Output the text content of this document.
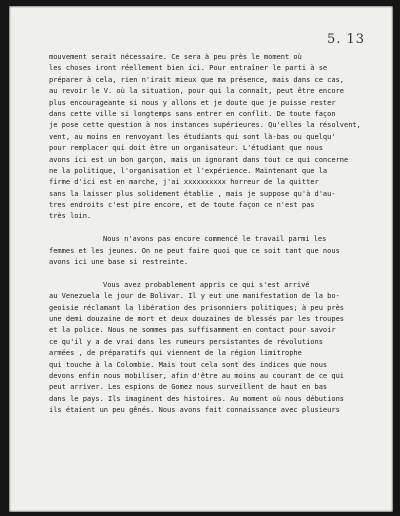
5. 13
mouvement serait nécessaire. Ce sera à peu près le moment où
les choses iront réellement bien ici. Pour entraîner le parti à se
préparer à cela, rien n'irait mieux que ma présence, mais dans ce cas,
au revoir le V. où la situation, pour qui la connaît, peut être encore
plus encourageante si nous y allons et je doute que je puisse rester
dans cette ville si longtemps sans entrer en conflit. De toute façon
je pose cette question à nos instances supérieures. Qu'elles la résolvent,
vent, au moins en renvoyant les étudiants qui sont là-bas ou quelqu'
pour remplacer qui doit être un organisateur. L'étudiant que nous
avons ici est un bon garçon, mais un ignorant dans tout ce qui concerne
ne la politique, l'organisation et l'expérience. Maintenant que la
firme d'ici est en marche, j'ai xxxxxxxxxx horreur de la quitter
sans la laisser plus solidement établie , mais je suppose qu'à d'au-
tres endroits c'est pire encore, et de toute façon ce n'est pas
très loin.
Nous n'avons pas encore commencé le travail parmi les
femmes et les jeunes. On ne peut faire quoi que ce soit tant que nous
avons ici une base si restreinte.
Vous avez probablement appris ce qui s'est arrivé
au Venezuela le jour de Bolivar. Il y eut une manifestation de la bo-
geoisie réclamant la libération des prisonniers politiques; à peu près
une demi douzaine de mort et deux douzaines de blessés par les troupes
et la police. Nous ne sommes pas suffisamment en contact pour savoir
ce qu'il y a de vrai dans les rumeurs persistantes de révolutions
armées , de préparatifs qui viennent de la région limitrophe
qui touche à la Colombie. Mais tout cela sont des indices que nous
devons enfin nous mobiliser, afin d'être au moins au courant de ce qui
peut arriver. Les espions de Gomez nous surveillent de haut en bas
dans le pays. Ils imaginent des histoires. Au moment où nous débutions
ils étaient un peu gênés. Nous avons fait connaissance avec plusieurs
